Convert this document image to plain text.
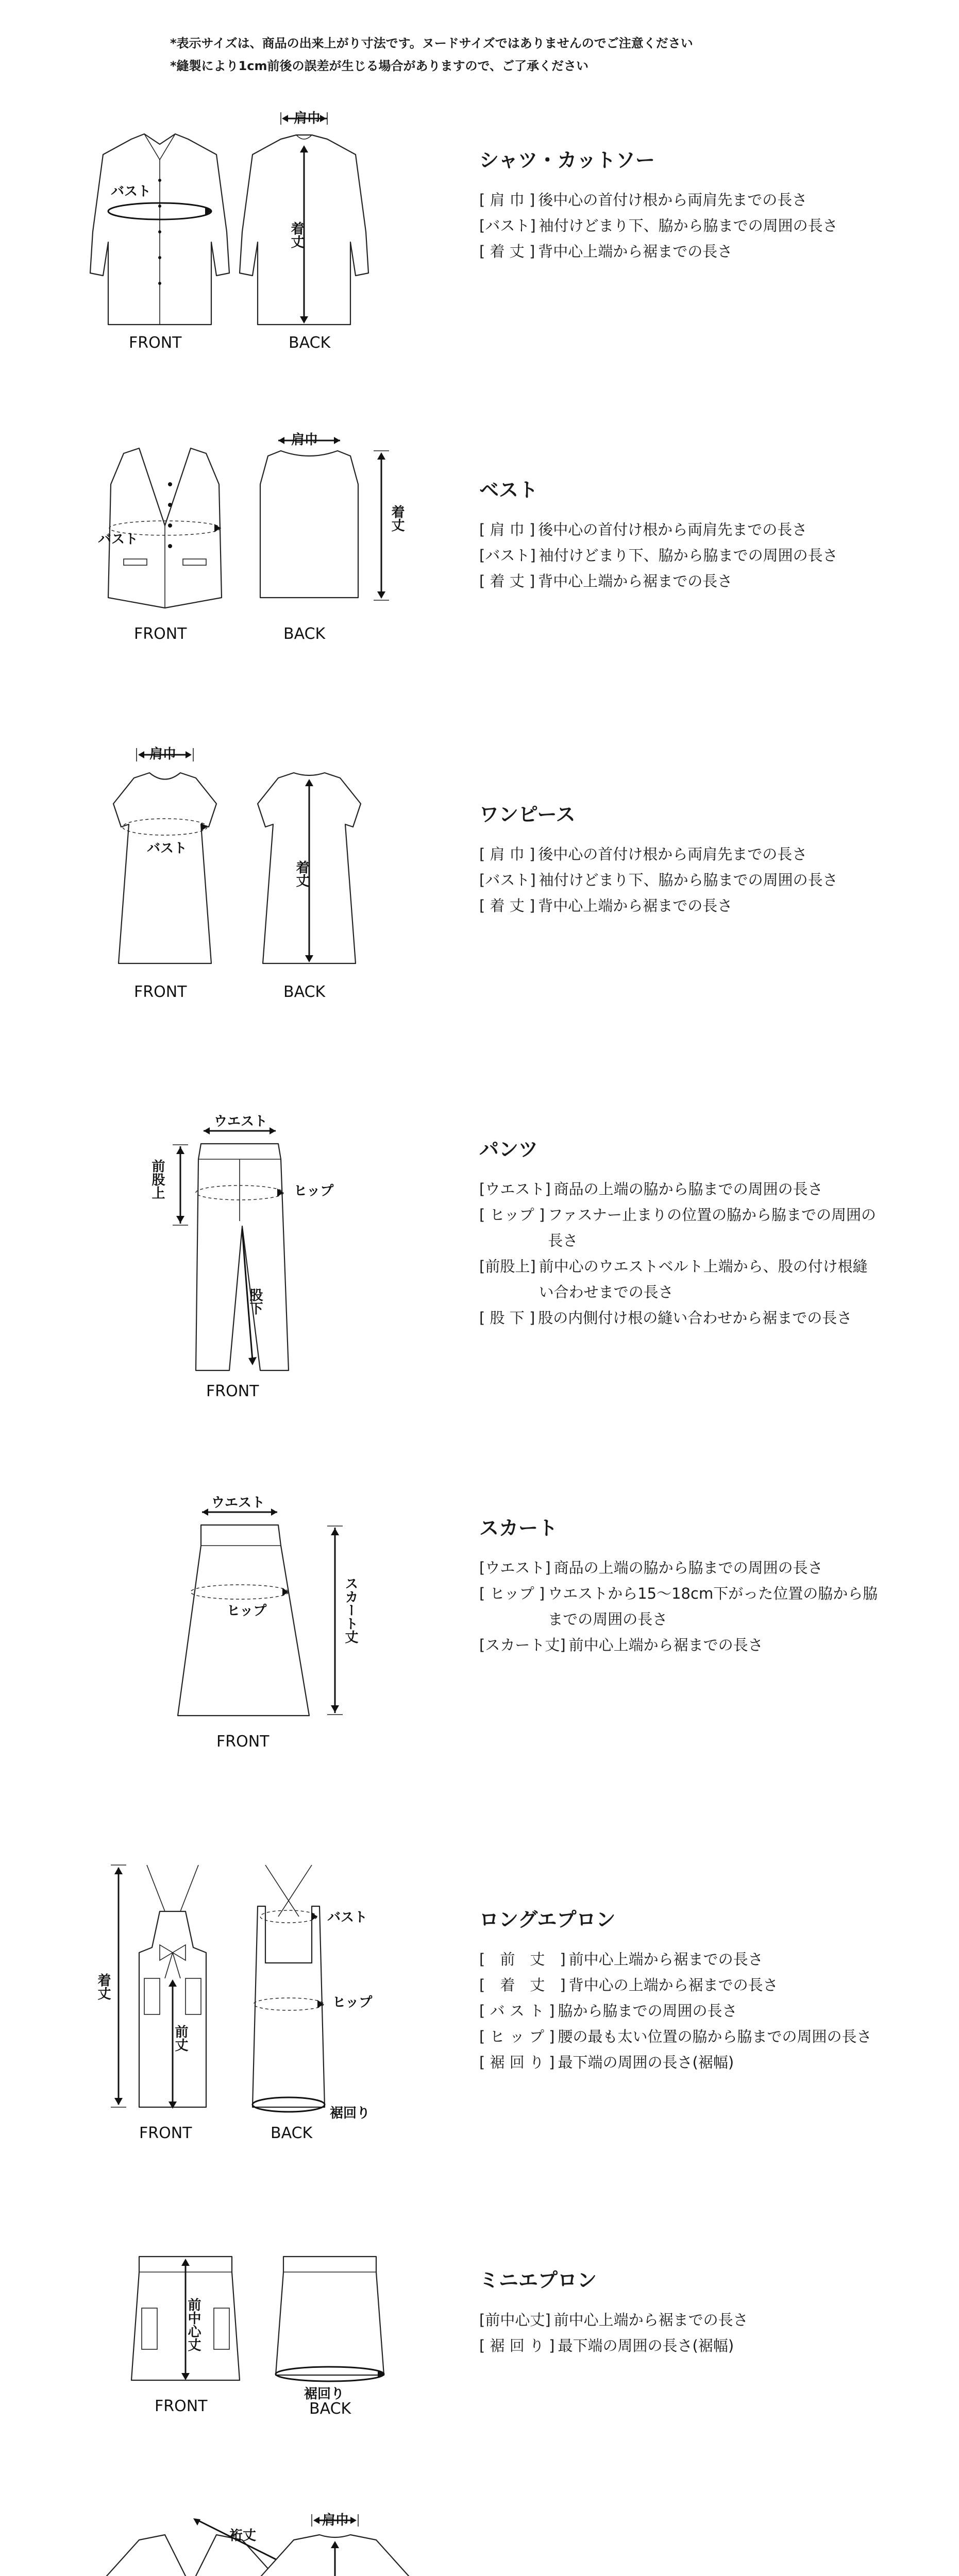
*表示サイズは、商品の出来上がり寸法です。ヌードサイズではありませんのでご注意ください
*縫製により1cm前後の誤差が生じる場合がありますので、ご了承ください
バスト
FRONT
肩巾
着丈
BACK
シャツ・カットソー
[ 肩 巾 ] 後中心の首付け根から両肩先までの長さ
[バスト] 袖付けどまり下、脇から脇までの周囲の長さ
[ 着 丈 ] 背中心上端から裾までの長さ
バスト
FRONT
肩巾
着丈
BACK
ベスト
[ 肩 巾 ] 後中心の首付け根から両肩先までの長さ
[バスト] 袖付けどまり下、脇から脇までの周囲の長さ
[ 着 丈 ] 背中心上端から裾までの長さ
肩巾
バスト
FRONT
着丈
BACK
ワンピース
[ 肩 巾 ] 後中心の首付け根から両肩先までの長さ
[バスト] 袖付けどまり下、脇から脇までの周囲の長さ
[ 着 丈 ] 背中心上端から裾までの長さ
ウエスト
ヒップ
前股上
股下
FRONT
パンツ
[ウエスト] 商品の上端の脇から脇までの周囲の長さ
[ ヒップ ] ファスナー止まりの位置の脇から脇までの周囲の長さ
[前股上] 前中心のウエストベルト上端から、股の付け根縫い合わせまでの長さ
[ 股 下 ] 股の内側付け根の縫い合わせから裾までの長さ
ウエスト
ヒップ	スカート丈
FRONT
スカート
[ウエスト] 商品の上端の脇から脇までの周囲の長さ
[ ヒップ ] ウエストから15～18cm下がった位置の脇から脇までの周囲の長さ
[スカート丈] 前中心上端から裾までの長さ
着丈
前丈
FRONT
バスト
ヒップ
裾回り
BACK
ロングエプロン
[　前　丈　] 前中心上端から裾までの長さ
[　着　丈　] 背中心の上端から裾までの長さ
[ バ ス ト ] 脇から脇までの周囲の長さ
[ ヒ ッ プ ] 腰の最も太い位置の脇から脇までの周囲の長さ
[ 裾 回 り ] 最下端の周囲の長さ(裾幅)
前中心丈
FRONT
裾回り
BACK
ミニエプロン
[前中心丈] 前中心上端から裾までの長さ
[ 裾 回 り ] 最下端の周囲の長さ(裾幅)
裄丈
肩巾
